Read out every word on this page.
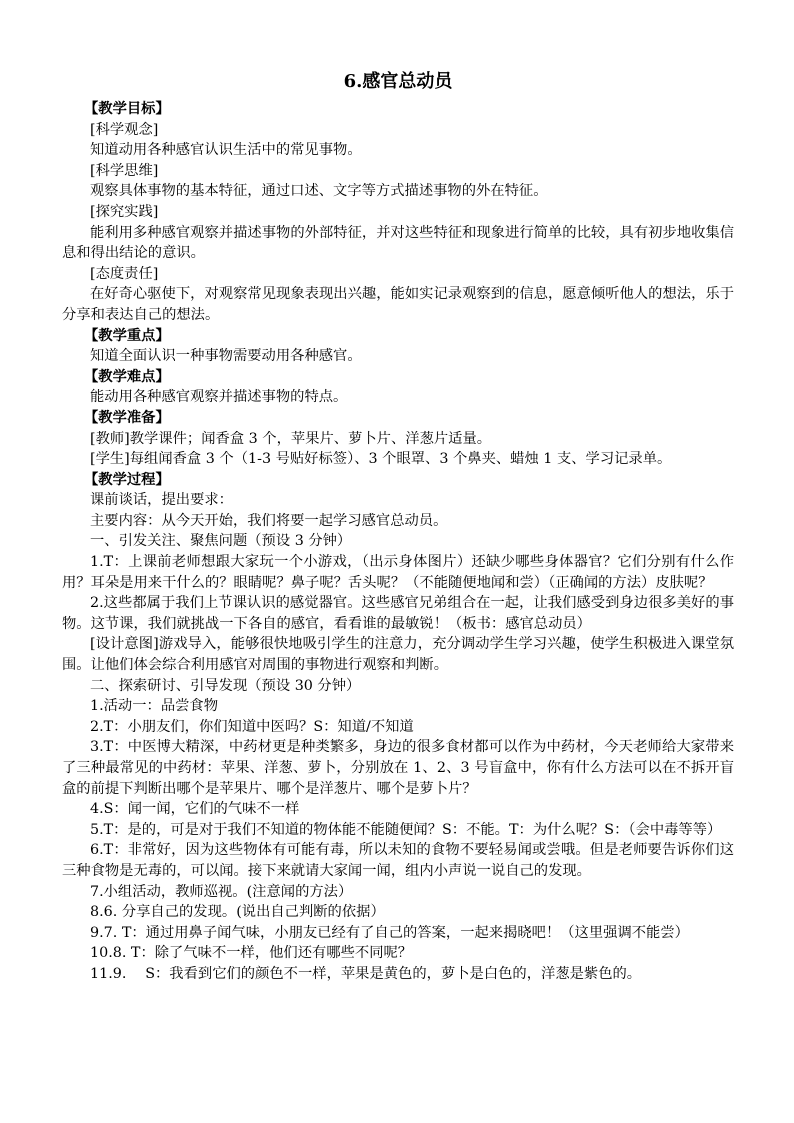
6.感官总动员

【教学目标】

[科学观念]

知道动用各种感官认识生活中的常见事物。

[科学思维]

观察具体事物的基本特征，通过口述、文字等方式描述事物的外在特征。

[探究实践]

能利用多种感官观察并描述事物的外部特征，并对这些特征和现象进行简单的比较，具有初步地收集信息和得出结论的意识。

[态度责任]

在好奇心驱使下，对观察常见现象表现出兴趣，能如实记录观察到的信息，愿意倾听他人的想法，乐于分享和表达自己的想法。

【教学重点】

知道全面认识一种事物需要动用各种感官。

【教学难点】

能动用各种感官观察并描述事物的特点。

【教学准备】

[教师]教学课件；闻香盒 3 个，苹果片、萝卜片、洋葱片适量。

[学生]每组闻香盒 3 个（1-3 号贴好标签）、3 个眼罩、3 个鼻夹、蜡烛 1 支、学习记录单。

【教学过程】

课前谈话，提出要求：

主要内容：从今天开始，我们将要一起学习感官总动员。

一、引发关注、聚焦问题（预设 3 分钟）

1.T：上课前老师想跟大家玩一个小游戏，（出示身体图片）还缺少哪些身体器官？它们分别有什么作用？耳朵是用来干什么的？眼睛呢？鼻子呢？舌头呢？（不能随便地闻和尝）（正确闻的方法）皮肤呢？

2.这些都属于我们上节课认识的感觉器官。这些感官兄弟组合在一起，让我们感受到身边很多美好的事物。这节课，我们就挑战一下各自的感官，看看谁的最敏锐！（板书：感官总动员）

[设计意图]游戏导入，能够很快地吸引学生的注意力，充分调动学生学习兴趣，使学生积极进入课堂氛围。让他们体会综合利用感官对周围的事物进行观察和判断。

二、探索研讨、引导发现（预设 30 分钟）

1.活动一：品尝食物

2.T：小朋友们，你们知道中医吗？S：知道/不知道

3.T：中医博大精深，中药材更是种类繁多，身边的很多食材都可以作为中药材，今天老师给大家带来了三种最常见的中药材：苹果、洋葱、萝卜，分别放在 1、2、3 号盲盒中，你有什么方法可以在不拆开盲盒的前提下判断出哪个是苹果片、哪个是洋葱片、哪个是萝卜片？

4.S：闻一闻，它们的气味不一样

5.T：是的，可是对于我们不知道的物体能不能随便闻？S：不能。T：为什么呢？S：（会中毒等等）

6.T：非常好，因为这些物体有可能有毒，所以未知的食物不要轻易闻或尝哦。但是老师要告诉你们这三种食物是无毒的，可以闻。接下来就请大家闻一闻，组内小声说一说自己的发现。

7.小组活动，教师巡视。(注意闻的方法）

8.6. 分享自己的发现。(说出自己判断的依据）

9.7. T：通过用鼻子闻气味，小朋友已经有了自己的答案，一起来揭晓吧！（这里强调不能尝）

10.8. T：除了气味不一样，他们还有哪些不同呢？

11.9.　 S：我看到它们的颜色不一样，苹果是黄色的，萝卜是白色的，洋葱是紫色的。
